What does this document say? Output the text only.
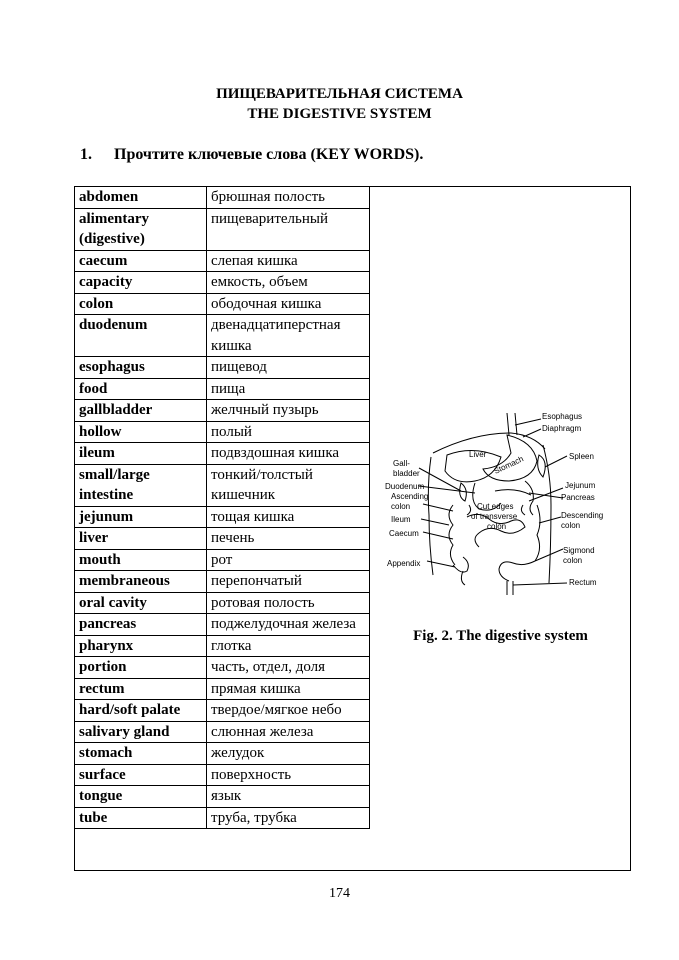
ПИЩЕВАРИТЕЛЬНАЯ СИСТЕМА
THE DIGESTIVE SYSTEM
1. Прочтите ключевые слова (KEY WORDS).
abdomen	брюшная полость
alimentary (digestive)	пищеварительный
caecum	слепая кишка
capacity	емкость, объем
colon	ободочная кишка
duodenum	двенадцатиперстная кишка
esophagus	пищевод
food	пища
gallbladder	желчный пузырь
hollow	полый
ileum	подвздошная кишка
small/large intestine	тонкий/толстый кишечник
jejunum	тощая кишка
liver	печень
mouth	рот
membraneous	перепончатый
oral cavity	ротовая полость
pancreas	поджелудочная железа
pharynx	глотка
portion	часть, отдел, доля
rectum	прямая кишка
hard/soft palate	твердое/мягкое небо
salivary gland	слюнная железа
stomach	желудок
surface	поверхность
tongue	язык
tube	труба, трубка
Esophagus
Diaphragm
Liver Stomach	Spleen
Gall-
bladder
Duodenum	Jejunum
Ascending
colon	Cut edges
of transverse
colon
Pancreas
Descending
colon
Ileum
Caecum
Appendix
Sigmond
colon
Rectum
Fig. 2. The digestive system
174
